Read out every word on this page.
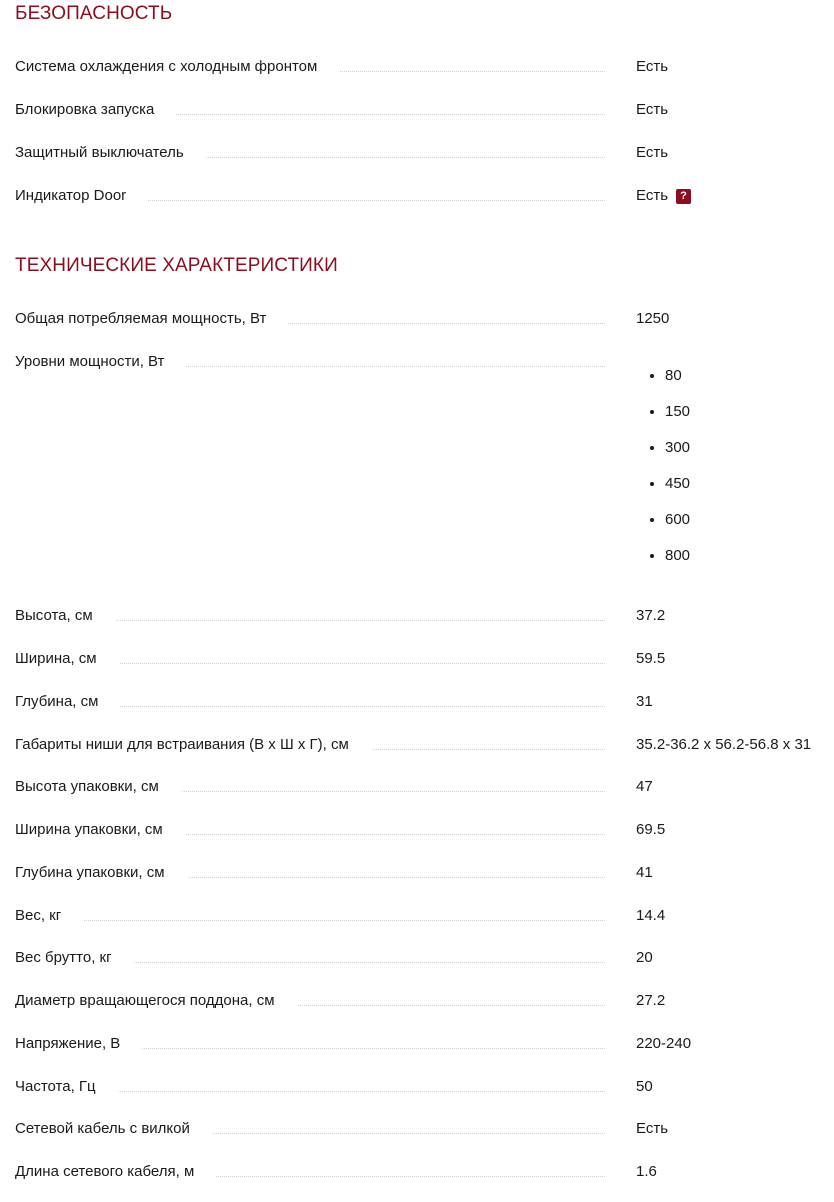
БЕЗОПАСНОСТЬ
Система охлаждения с холодным фронтом	Есть
Блокировка запуска	Есть
Защитный выключатель	Есть
Индикатор Door	Есть ?
ТЕХНИЧЕСКИЕ ХАРАКТЕРИСТИКИ
Общая потребляемая мощность, Вт	1250
Уровни мощности, Вт
• 80
• 150
• 300
• 450
• 600
• 800
Высота, см	37.2
Ширина, см	59.5
Глубина, см	31
Габариты ниши для встраивания (В х Ш х Г), см	35.2-36.2 x 56.2-56.8 x 31
Высота упаковки, см	47
Ширина упаковки, см	69.5
Глубина упаковки, см	41
Вес, кг	14.4
Вес брутто, кг	20
Диаметр вращающегося поддона, см	27.2
Напряжение, В	220-240
Частота, Гц	50
Сетевой кабель с вилкой	Есть
Длина сетевого кабеля, м	1.6
